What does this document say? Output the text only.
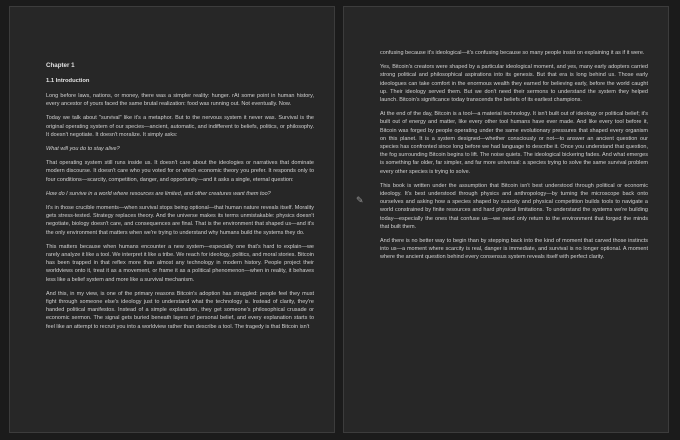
Chapter 1
1.1 Introduction

Long before laws, nations, or money, there was a simpler reality: hunger. rAt some point in human history, every ancestor of yours faced the same brutal realization: food was running out. Not eventually. Now.

Today we talk about "survival" like it's a metaphor. But to the nervous system it never was. Survival is the original operating system of our species—ancient, automatic, and indifferent to beliefs, politics, or philosophy. It doesn't negotiate. It doesn't moralize. It simply asks:

What will you do to stay alive?

That operating system still runs inside us. It doesn't care about the ideologies or narratives that dominate modern discourse. It doesn't care who you voted for or which economic theory you prefer. It responds only to four conditions—scarcity, competition, danger, and opportunity—and it asks a single, eternal question:

How do I survive in a world where resources are limited, and other creatures want them too?

It's in those crucible moments—when survival stops being optional—that human nature reveals itself. Morality gets stress-tested. Strategy replaces theory. And the universe makes its terms unmistakable: physics doesn't negotiate, biology doesn't care, and consequences are final. That is the environment that shaped us—and it's the only environment that matters when we're trying to understand why humans build the systems they do.

This matters because when humans encounter a new system—especially one that's hard to explain—we rarely analyze it like a tool. We interpret it like a tribe. We reach for ideology, politics, and moral stories. Bitcoin has been trapped in that reflex more than almost any technology in modern history. People project their worldviews onto it, treat it as a movement, or frame it as a political phenomenon—when in reality, it behaves less like a belief system and more like a survival mechanism.

And this, in my view, is one of the primary reasons Bitcoin's adoption has struggled: people feel they must fight through someone else's ideology just to understand what the technology is. Instead of clarity, they're handed political manifestos. Instead of a simple explanation, they get someone's philosophical crusade or economic sermon. The signal gets buried beneath layers of personal belief, and every explanation starts to feel like an attempt to recruit you into a worldview rather than describe a tool. The tragedy is that Bitcoin isn't

confusing because it's ideological—it's confusing because so many people insist on explaining it as if it were.

Yes, Bitcoin's creators were shaped by a particular ideological moment, and yes, many early adopters carried strong political and philosophical aspirations into its genesis. But that era is long behind us. Those early ideologues can take comfort in the enormous wealth they earned for believing early, before the world caught up. Their ideology served them. But we don't need their sermons to understand the system they helped launch. Bitcoin's significance today transcends the beliefs of its earliest champions.

At the end of the day, Bitcoin is a tool—a material technology. It isn't built out of ideology or political belief; it's built out of energy and matter, like every other tool humans have ever made. And like every tool before it, Bitcoin was forged by people operating under the same evolutionary pressures that shaped every organism on this planet. It is a system designed—whether consciously or not—to answer an ancient question our species has confronted since long before we had language to describe it. Once you understand that question, the fog surrounding Bitcoin begins to lift. The noise quiets. The ideological bickering fades. And what emerges is something far older, far simpler, and far more universal: a species trying to solve the same survival problem every other species is trying to solve.

This book is written under the assumption that Bitcoin isn't best understood through political or economic ideology. It's best understood through physics and anthropology—by turning the microscope back onto ourselves and asking how a species shaped by scarcity and physical competition builds tools to navigate a world constrained by finite resources and hard physical limitations. To understand the systems we're building today—especially the ones that confuse us—we need only return to the environment that forged the minds that built them.

And there is no better way to begin than by stepping back into the kind of moment that carved those instincts into us—a moment where scarcity is real, danger is immediate, and survival is no longer optional. A moment where the ancient question behind every consensus system reveals itself with perfect clarity.

✎
